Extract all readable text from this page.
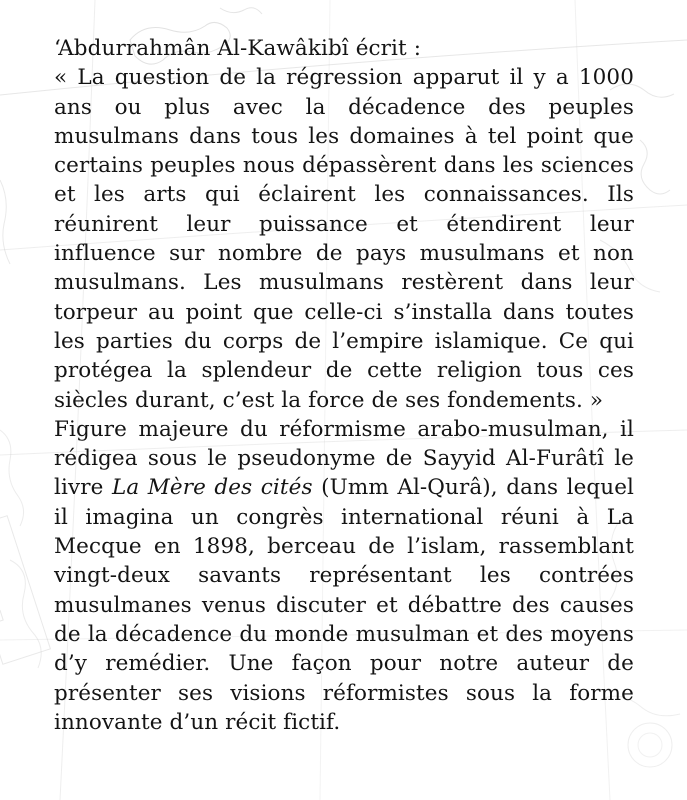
‘Abdurrahmân Al-Kawâkibî écrit :

« La question de la régression apparut il y a 1000 ans ou plus avec la décadence des peuples musulmans dans tous les domaines à tel point que certains peuples nous dépassèrent dans les sciences et les arts qui éclairent les connaissances. Ils réunirent leur puissance et étendirent leur influence sur nombre de pays musulmans et non musulmans. Les musulmans restèrent dans leur torpeur au point que celle-ci s’installa dans toutes les parties du corps de l’empire islamique. Ce qui protégea la splendeur de cette religion tous ces siècles durant, c’est la force de ses fondements. »

Figure majeure du réformisme arabo-musulman, il rédigea sous le pseudonyme de Sayyid Al-Furâtî le livre La Mère des cités (Umm Al-Qurâ), dans lequel il imagina un congrès international réuni à La Mecque en 1898, berceau de l’islam, rassemblant vingt-deux savants représentant les contrées musulmanes venus discuter et débattre des causes de la décadence du monde musulman et des moyens d’y remédier. Une façon pour notre auteur de présenter ses visions réformistes sous la forme innovante d’un récit fictif.
